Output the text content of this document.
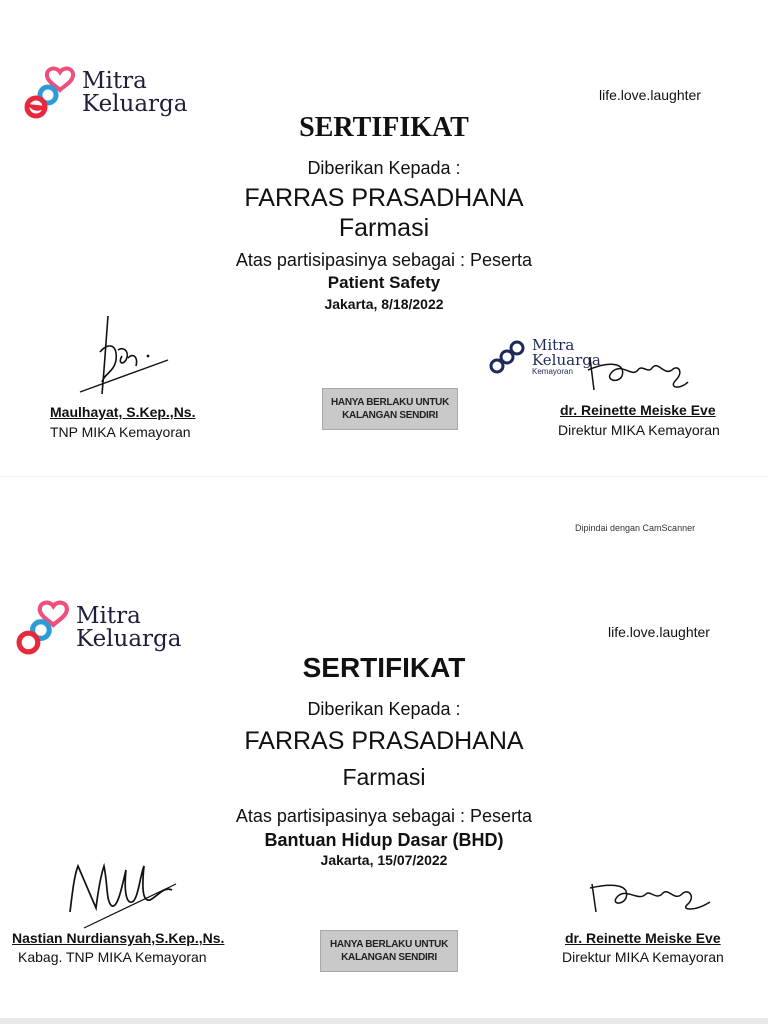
Mitra
Keluarga	life.love.laughter
SERTIFIKAT
Diberikan Kepada :
FARRAS PRASADHANA
Farmasi
Atas partisipasinya sebagai : Peserta
Patient Safety
Jakarta, 8/18/2022
Maulhayat, S.Kep.,Ns.
TNP MIKA Kemayoran
HANYA BERLAKU UNTUK
KALANGAN SENDIRI
Mitra
Keluarga
Kemayoran
dr. Reinette Meiske Eve
Direktur MIKA Kemayoran
Dipindai dengan CamScanner
Mitra
Keluarga	life.love.laughter
SERTIFIKAT
Diberikan Kepada :
FARRAS PRASADHANA
Farmasi
Atas partisipasinya sebagai : Peserta
Bantuan Hidup Dasar (BHD)
Jakarta, 15/07/2022
Nastian Nurdiansyah,S.Kep.,Ns.
Kabag. TNP MIKA Kemayoran
HANYA BERLAKU UNTUK
KALANGAN SENDIRI
dr. Reinette Meiske Eve
Direktur MIKA Kemayoran
